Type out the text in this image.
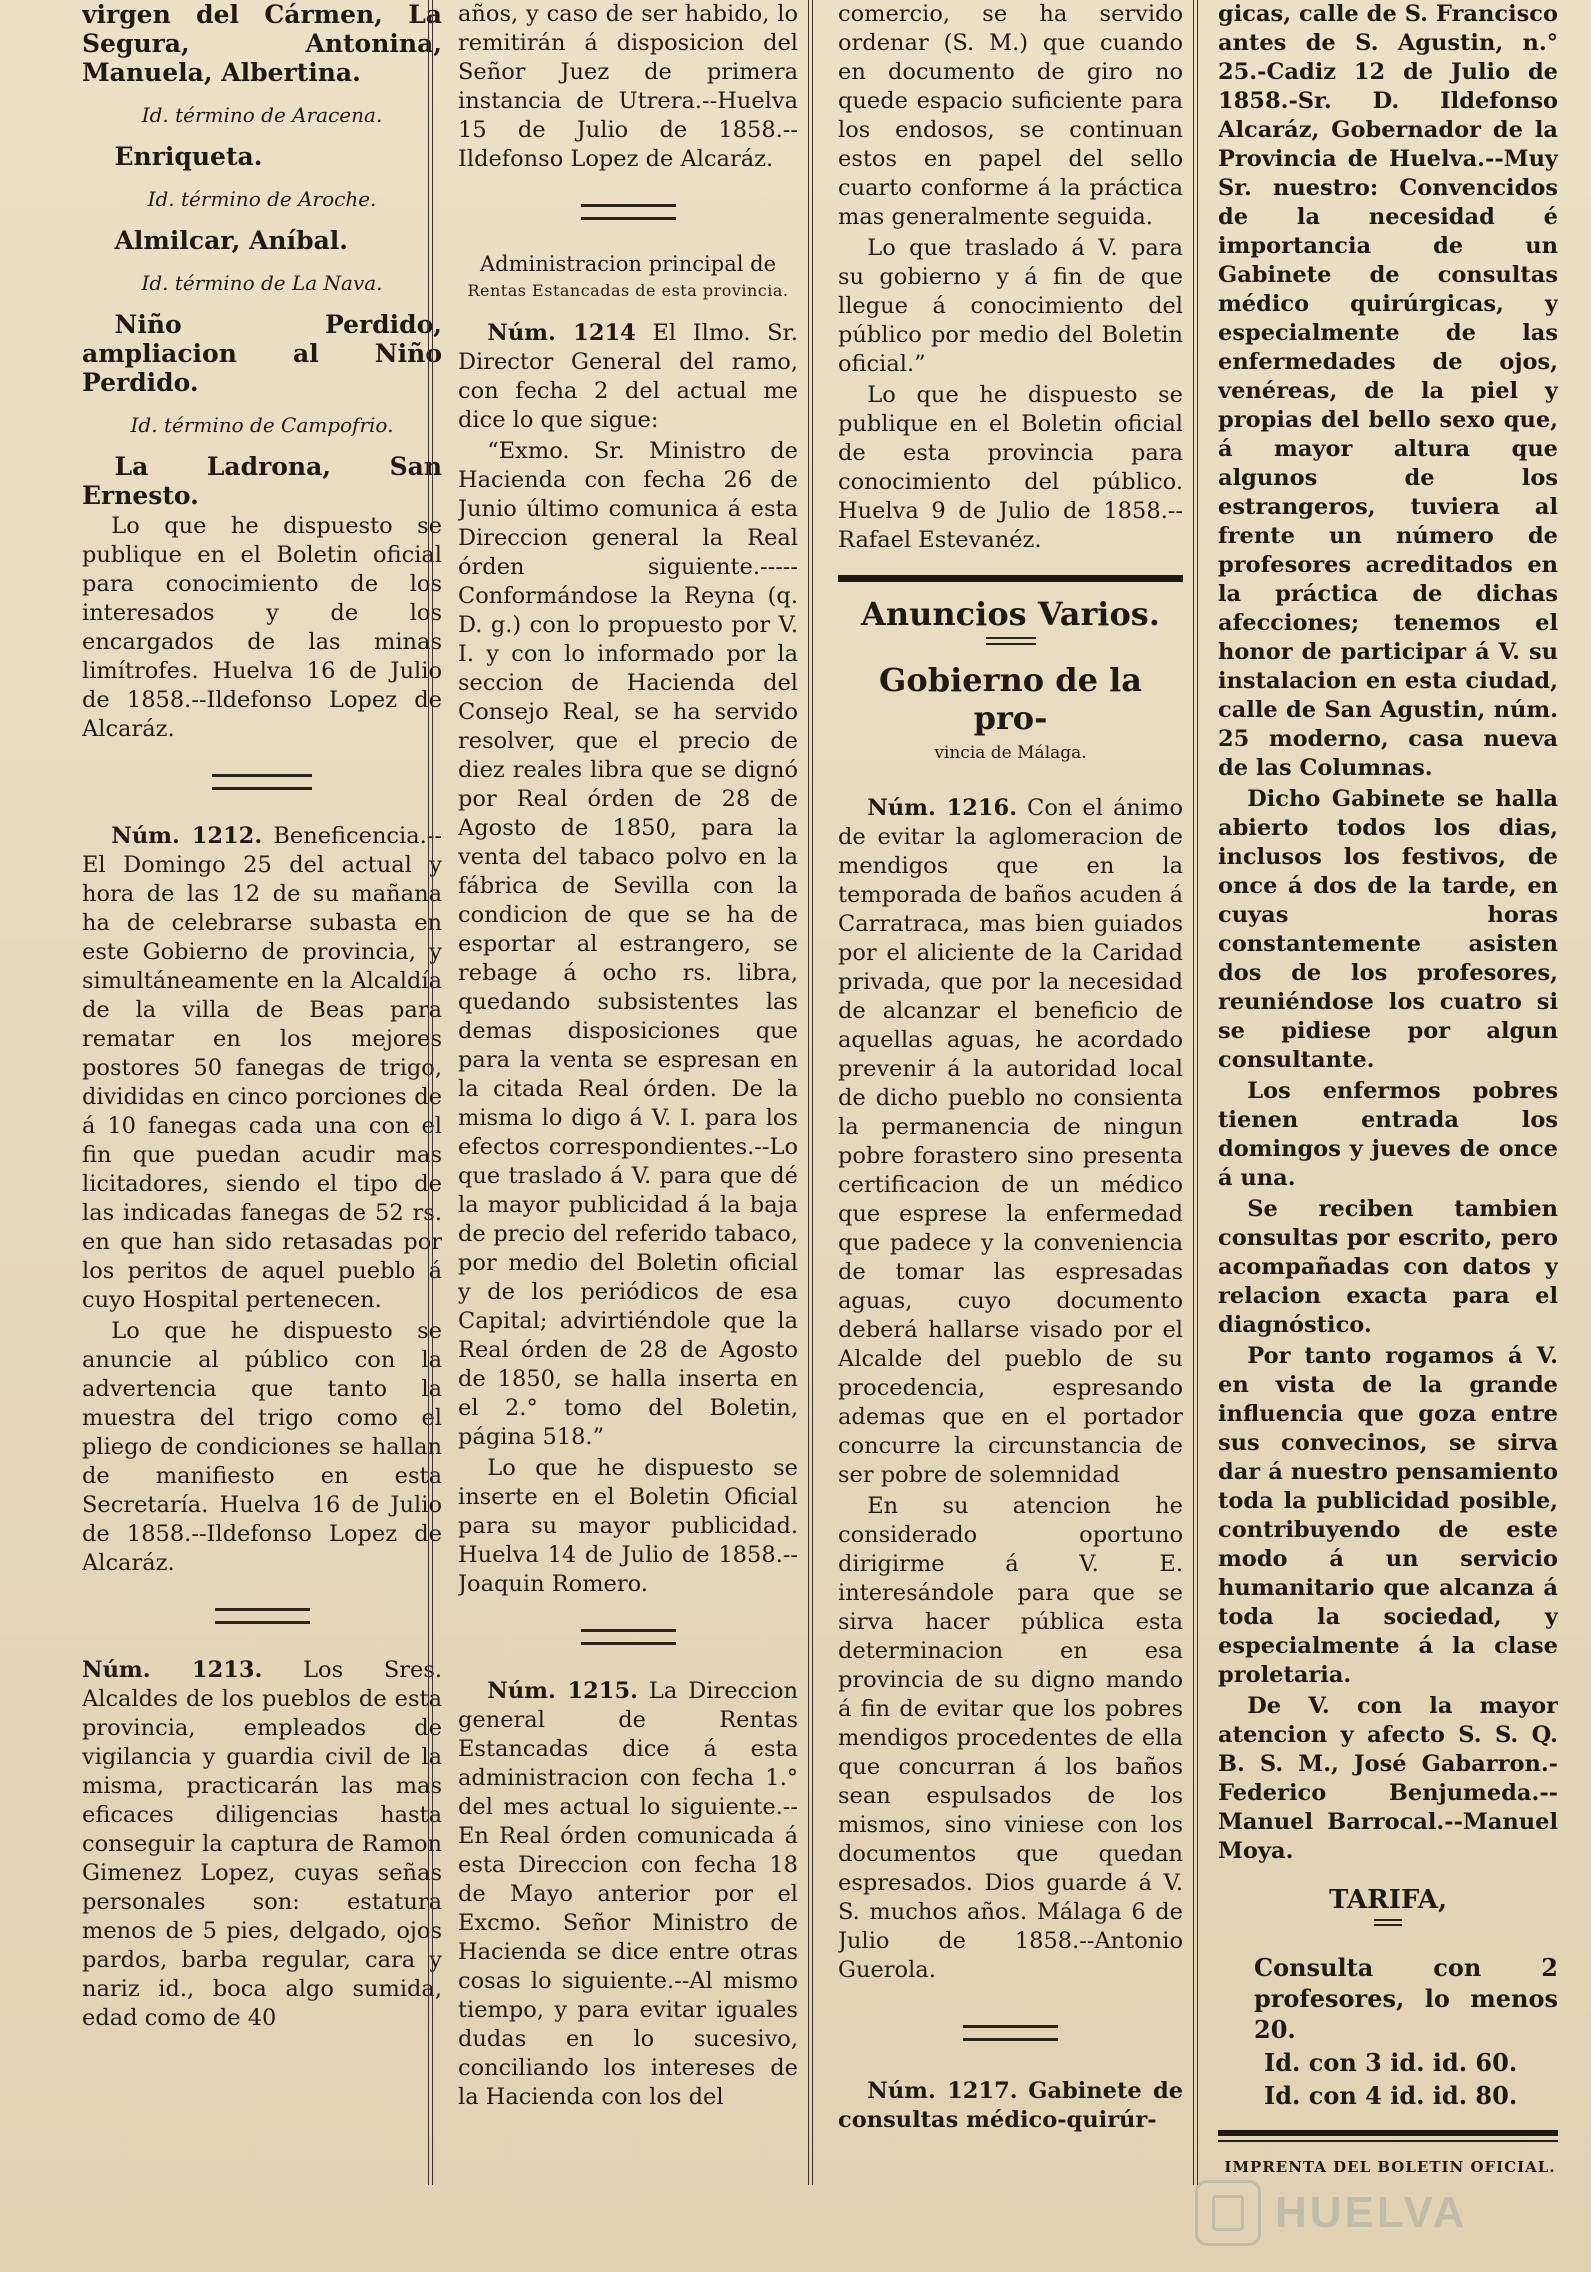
virgen del Cármen, La Segura, Antonina, Manuela, Albertina.

Id. término de Aracena.

Enriqueta.

Id. término de Aroche.

Almilcar, Aníbal.

Id. término de La Nava.

Niño Perdido, ampliacion al Niño Perdido.

Id. término de Campofrio.

La Ladrona, San Ernesto.

Lo que he dispuesto se publique en el Boletin oficial para conocimiento de los interesados y de los encargados de las minas limítrofes. Huelva 16 de Julio de 1858.--Ildefonso Lopez de Alcaráz.

Núm. 1212. Beneficencia.--El Domingo 25 del actual y hora de las 12 de su mañana ha de celebrarse subasta en este Gobierno de provincia, y simultáneamente en la Alcaldía de la villa de Beas para rematar en los mejores postores 50 fanegas de trigo, divididas en cinco porciones de á 10 fanegas cada una con el fin que puedan acudir mas licitadores, siendo el tipo de las indicadas fanegas de 52 rs. en que han sido retasadas por los peritos de aquel pueblo á cuyo Hospital pertenecen.

Lo que he dispuesto se anuncie al público con la advertencia que tanto la muestra del trigo como el pliego de condiciones se hallan de manifiesto en esta Secretaría. Huelva 16 de Julio de 1858.--Ildefonso Lopez de Alcaráz.

Núm. 1213. Los Sres. Alcaldes de los pueblos de esta provincia, empleados de vigilancia y guardia civil de la misma, practicarán las mas eficaces diligencias hasta conseguir la captura de Ramon Gimenez Lopez, cuyas señas personales son: estatura menos de 5 pies, delgado, ojos pardos, barba regular, cara y nariz id., boca algo sumida, edad como de 40

años, y caso de ser habido, lo remitirán á disposicion del Señor Juez de primera instancia de Utrera.--Huelva 15 de Julio de 1858.--Ildefonso Lopez de Alcaráz.

Administracion principal de
Rentas Estancadas de esta provincia.

Núm. 1214 El Ilmo. Sr. Director General del ramo, con fecha 2 del actual me dice lo que sigue:

“Exmo. Sr. Ministro de Hacienda con fecha 26 de Junio último comunica á esta Direccion general la Real órden siguiente.-----Conformándose la Reyna (q. D. g.) con lo propuesto por V. I. y con lo informado por la seccion de Hacienda del Consejo Real, se ha servido resolver, que el precio de diez reales libra que se dignó por Real órden de 28 de Agosto de 1850, para la venta del tabaco polvo en la fábrica de Sevilla con la condicion de que se ha de esportar al estrangero, se rebage á ocho rs. libra, quedando subsistentes las demas disposiciones que para la venta se espresan en la citada Real órden. De la misma lo digo á V. I. para los efectos correspondientes.--Lo que traslado á V. para que dé la mayor publicidad á la baja de precio del referido tabaco, por medio del Boletin oficial y de los periódicos de esa Capital; advirtiéndole que la Real órden de 28 de Agosto de 1850, se halla inserta en el 2.° tomo del Boletin, página 518.”

Lo que he dispuesto se inserte en el Boletin Oficial para su mayor publicidad. Huelva 14 de Julio de 1858.--Joaquin Romero.

Núm. 1215. La Direccion general de Rentas Estancadas dice á esta administracion con fecha 1.° del mes actual lo siguiente.--En Real órden comunicada á esta Direccion con fecha 18 de Mayo anterior por el Excmo. Señor Ministro de Hacienda se dice entre otras cosas lo siguiente.--Al mismo tiempo, y para evitar iguales dudas en lo sucesivo, conciliando los intereses de la Hacienda con los del

comercio, se ha servido ordenar (S. M.) que cuando en documento de giro no quede espacio suficiente para los endosos, se continuan estos en papel del sello cuarto conforme á la práctica mas generalmente seguida.

Lo que traslado á V. para su gobierno y á fin de que llegue á conocimiento del público por medio del Boletin oficial.”

Lo que he dispuesto se publique en el Boletin oficial de esta provincia para conocimiento del público. Huelva 9 de Julio de 1858.--Rafael Estevanéz.

Anuncios Varios.

Gobierno de la pro-

vincia de Málaga.

Núm. 1216. Con el ánimo de evitar la aglomeracion de mendigos que en la temporada de baños acuden á Carratraca, mas bien guiados por el aliciente de la Caridad privada, que por la necesidad de alcanzar el beneficio de aquellas aguas, he acordado prevenir á la autoridad local de dicho pueblo no consienta la permanencia de ningun pobre forastero sino presenta certificacion de un médico que esprese la enfermedad que padece y la conveniencia de tomar las espresadas aguas, cuyo documento deberá hallarse visado por el Alcalde del pueblo de su procedencia, espresando ademas que en el portador concurre la circunstancia de ser pobre de solemnidad

En su atencion he considerado oportuno dirigirme á V. E. interesándole para que se sirva hacer pública esta determinacion en esa provincia de su digno mando á fin de evitar que los pobres mendigos procedentes de ella que concurran á los baños sean espulsados de los mismos, sino viniese con los documentos que quedan espresados. Dios guarde á V. S. muchos años. Málaga 6 de Julio de 1858.--Antonio Guerola.

Núm. 1217. Gabinete de consultas médico-quirúr-

gicas, calle de S. Francisco antes de S. Agustin, n.° 25.-Cadiz 12 de Julio de 1858.-Sr. D. Ildefonso Alcaráz, Gobernador de la Provincia de Huelva.--Muy Sr. nuestro: Convencidos de la necesidad é importancia de un Gabinete de consultas médico quirúrgicas, y especialmente de las enfermedades de ojos, venéreas, de la piel y propias del bello sexo que, á mayor altura que algunos de los estrangeros, tuviera al frente un número de profesores acreditados en la práctica de dichas afecciones; tenemos el honor de participar á V. su instalacion en esta ciudad, calle de San Agustin, núm. 25 moderno, casa nueva de las Columnas.

Dicho Gabinete se halla abierto todos los dias, inclusos los festivos, de once á dos de la tarde, en cuyas horas constantemente asisten dos de los profesores, reuniéndose los cuatro si se pidiese por algun consultante.

Los enfermos pobres tienen entrada los domingos y jueves de once á una.

Se reciben tambien consultas por escrito, pero acompañadas con datos y relacion exacta para el diagnóstico.

Por tanto rogamos á V. en vista de la grande influencia que goza entre sus convecinos, se sirva dar á nuestro pensamiento toda la publicidad posible, contribuyendo de este modo á un servicio humanitario que alcanza á toda la sociedad, y especialmente á la clase proletaria.

De V. con la mayor atencion y afecto S. S. Q. B. S. M., José Gabarron.-Federico Benjumeda.--Manuel Barrocal.--Manuel Moya.

TARIFA,

Consulta con 2 profesores, lo menos 20.

Id. con 3 id. id. 60.

Id. con 4 id. id. 80.

IMPRENTA DEL BOLETIN OFICIAL.
HUELVA
